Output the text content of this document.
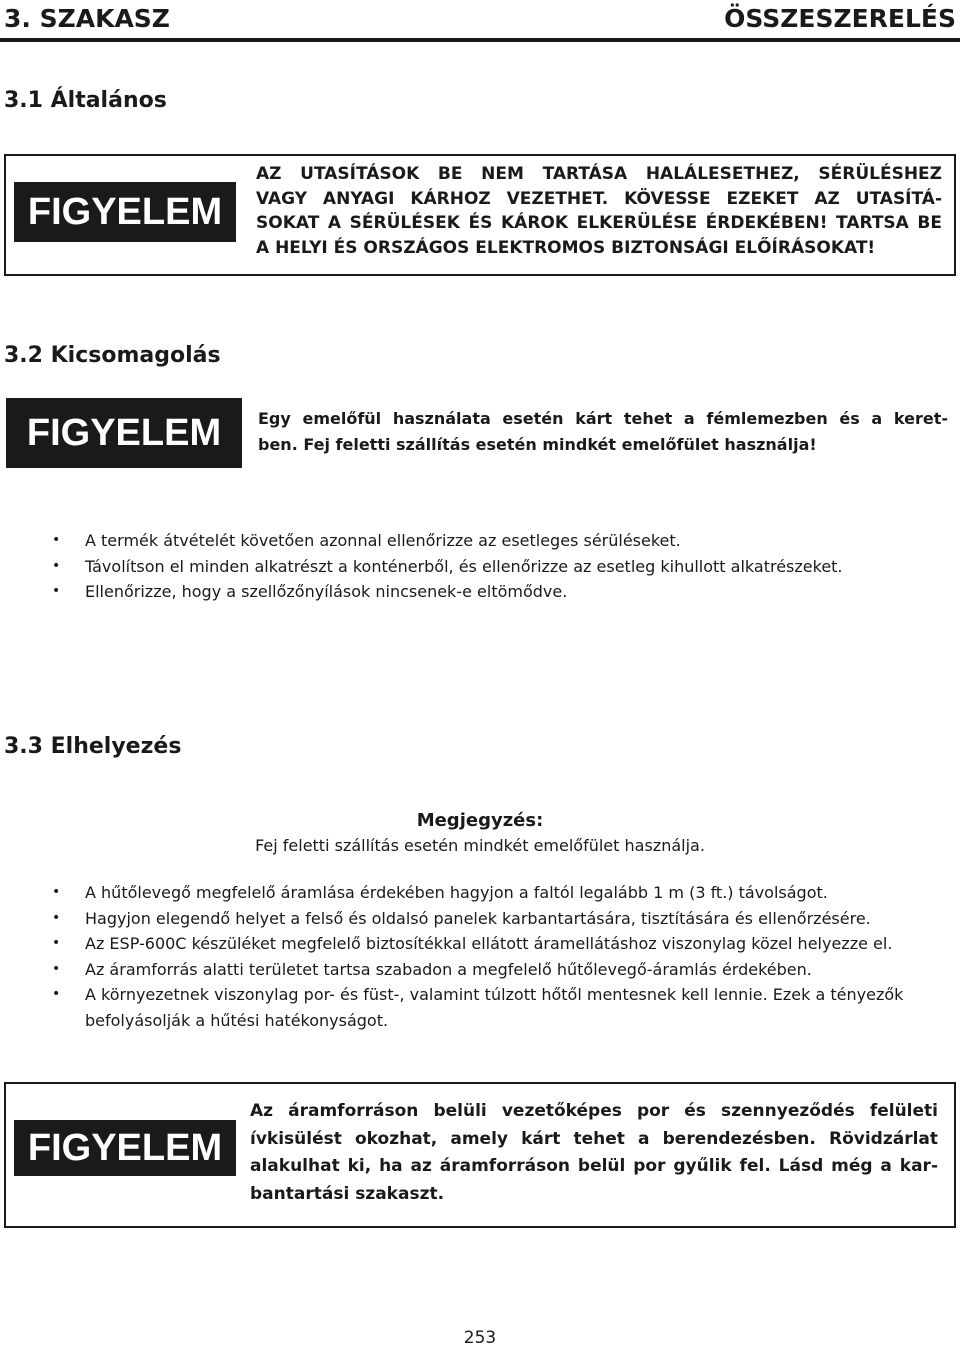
3. SZAKASZ	ÖSSZESZERELÉS
3.1 Általános
FIGYELEM
AZ UTASÍTÁSOK BE NEM TARTÁSA HALÁLESETHEZ, SÉRÜLÉSHEZ
VAGY ANYAGI KÁRHOZ VEZETHET. KÖVESSE EZEKET AZ UTASÍTÁ-
SOKAT A SÉRÜLÉSEK ÉS KÁROK ELKERÜLÉSE ÉRDEKÉBEN! TARTSA BE
A HELYI ÉS ORSZÁGOS ELEKTROMOS BIZTONSÁGI ELŐÍRÁSOKAT!
3.2 Kicsomagolás
FIGYELEM	Egy emelőfül használata esetén kárt tehet a fémlemezben és a keret-
ben. Fej feletti szállítás esetén mindkét emelőfület használja!
• A termék átvételét követően azonnal ellenőrizze az esetleges sérüléseket.
• Távolítson el minden alkatrészt a konténerből, és ellenőrizze az esetleg kihullott alkatrészeket.
• Ellenőrizze, hogy a szellőzőnyílások nincsenek-e eltömődve.
3.3 Elhelyezés
Megjegyzés:
Fej feletti szállítás esetén mindkét emelőfület használja.
• A hűtőlevegő megfelelő áramlása érdekében hagyjon a faltól legalább 1 m (3 ft.) távolságot.
• Hagyjon elegendő helyet a felső és oldalsó panelek karbantartására, tisztítására és ellenőrzésére.
• Az ESP-600C készüléket megfelelő biztosítékkal ellátott áramellátáshoz viszonylag közel helyezze el.
• Az áramforrás alatti területet tartsa szabadon a megfelelő hűtőlevegő-áramlás érdekében.
• A környezetnek viszonylag por- és füst-, valamint túlzott hőtől mentesnek kell lennie. Ezek a tényezők
befolyásolják a hűtési hatékonyságot.
FIGYELEM
Az áramforráson belüli vezetőképes por és szennyeződés felületi
ívkisülést okozhat, amely kárt tehet a berendezésben. Rövidzárlat
alakulhat ki, ha az áramforráson belül por gyűlik fel. Lásd még a kar-
bantartási szakaszt.
253
